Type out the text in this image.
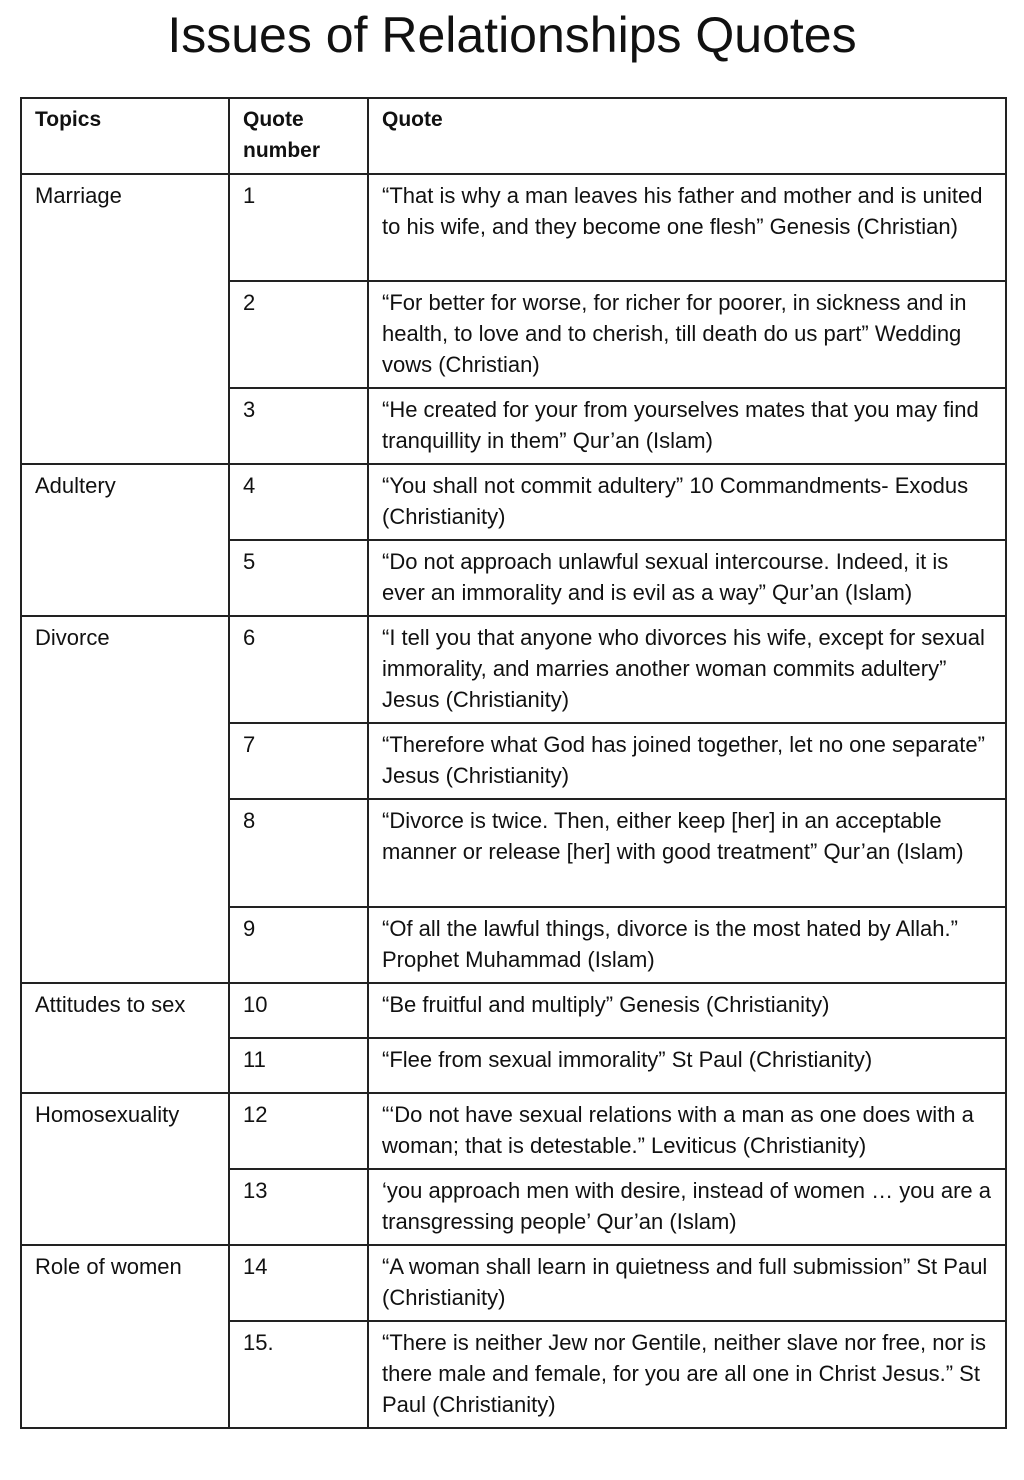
Issues of Relationships Quotes
Topics	Quote number	Quote
Marriage	1	“That is why a man leaves his father and mother and is united to his wife, and they become one flesh” Genesis (Christian)
	2	“For better for worse, for richer for poorer, in sickness and in health, to love and to cherish, till death do us part” Wedding vows (Christian)
	3	“He created for your from yourselves mates that you may find tranquillity in them” Qur’an (Islam)
Adultery	4	“You shall not commit adultery” 10 Commandments- Exodus (Christianity)
	5	“Do not approach unlawful sexual intercourse. Indeed, it is ever an immorality and is evil as a way” Qur’an (Islam)
Divorce	6	“I tell you that anyone who divorces his wife, except for sexual immorality, and marries another woman commits adultery” Jesus (Christianity)
	7	“Therefore what God has joined together, let no one separate” Jesus (Christianity)
	8	“Divorce is twice. Then, either keep [her] in an acceptable manner or release [her] with good treatment” Qur’an (Islam)
	9	“Of all the lawful things, divorce is the most hated by Allah.” Prophet Muhammad (Islam)
Attitudes to sex	10	“Be fruitful and multiply” Genesis (Christianity)
	11	“Flee from sexual immorality” St Paul (Christianity)
Homosexuality	12	“‘Do not have sexual relations with a man as one does with a woman; that is detestable.” Leviticus (Christianity)
	13	‘you approach men with desire, instead of women … you are a transgressing people’ Qur’an (Islam)
Role of women	14	“A woman shall learn in quietness and full submission” St Paul (Christianity)
	15.	“There is neither Jew nor Gentile, neither slave nor free, nor is there male and female, for you are all one in Christ Jesus.” St Paul (Christianity)
